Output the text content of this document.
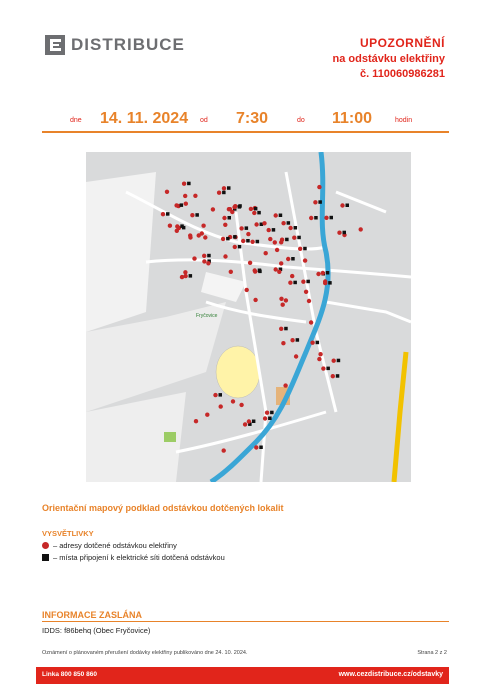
DISTRIBUCE	UPOZORNĚNÍ
na odstávku elektřiny
č. 110060986281
dne 14. 11. 2024 od 7:30	do 11:00	hodin
Fryčovice
Orientační mapový podklad odstávkou dotčených lokalit
VYSVĚTLIVKY
– adresy dotčené odstávkou elektřiny
– místa připojení k elektrické síti dotčená odstávkou
INFORMACE ZASLÁNA
IDDS: f86behq (Obec Fryčovice)
Oznámení o plánovaném přerušení dodávky elektřiny publikováno dne 24. 10. 2024.	Strana 2 z 2
Linka 800 850 860	www.cezdistribuce.cz/odstavky
